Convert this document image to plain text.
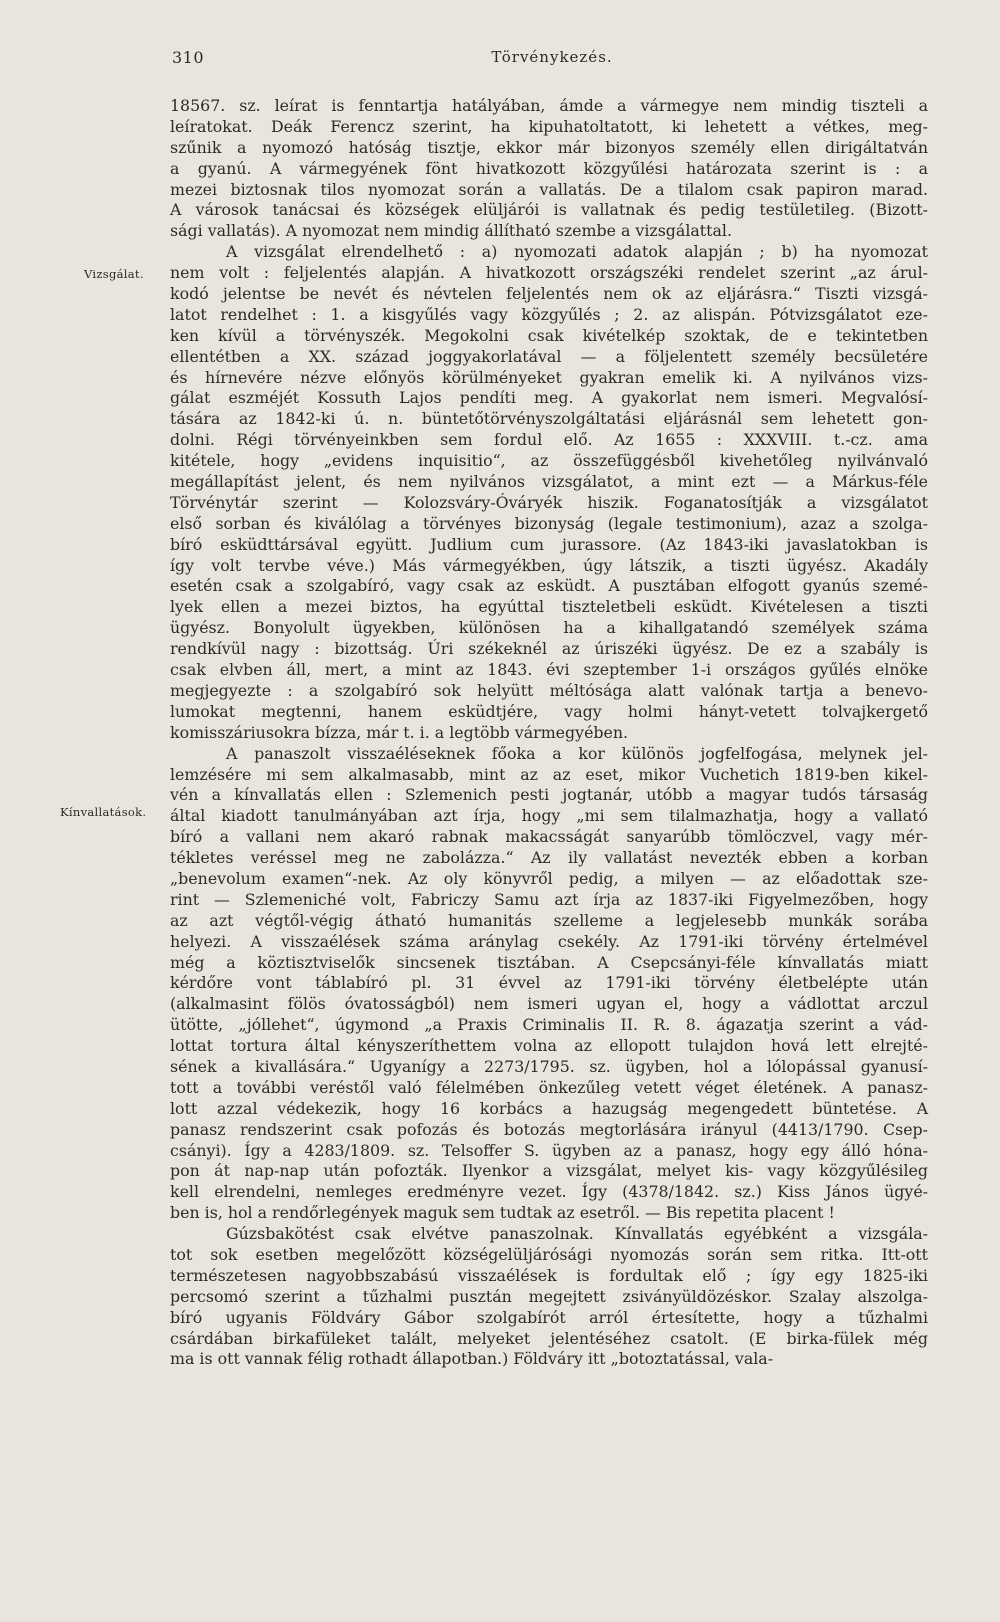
310	Törvénykezés.
Vizsgálat.
Kínvallatások.
18567. sz. leírat is fenntartja hatályában, ámde a vármegye nem mindig tiszteli a
leíratokat. Deák Ferencz szerint, ha kipuhatoltatott, ki lehetett a vétkes, meg-
szűnik a nyomozó hatóság tisztje, ekkor már bizonyos személy ellen dirigáltatván
a gyanú. A vármegyének fönt hivatkozott közgyűlési határozata szerint is : a
mezei biztosnak tilos nyomozat során a vallatás. De a tilalom csak papiron marad.
A városok tanácsai és községek elüljárói is vallatnak és pedig testületileg. (Bizott-
sági vallatás). A nyomozat nem mindig állítható szembe a vizsgálattal.
A vizsgálat elrendelhető : a) nyomozati adatok alapján ; b) ha nyomozat
nem volt : feljelentés alapján. A hivatkozott országszéki rendelet szerint „az árul-
kodó jelentse be nevét és névtelen feljelentés nem ok az eljárásra.“ Tiszti vizsgá-
latot rendelhet : 1. a kisgyűlés vagy közgyűlés ; 2. az alispán. Pótvizsgálatot eze-
ken kívül a törvényszék. Megokolni csak kivételkép szoktak, de e tekintetben
ellentétben a XX. század joggyakorlatával — a följelentett személy becsületére
és hírnevére nézve előnyös körülményeket gyakran emelik ki. A nyilvános vizs-
gálat eszméjét Kossuth Lajos pendíti meg. A gyakorlat nem ismeri. Megvalósí-
tására az 1842-ki ú. n. büntetőtörvényszolgáltatási eljárásnál sem lehetett gon-
dolni. Régi törvényeinkben sem fordul elő. Az 1655 : XXXVIII. t.-cz. ama
kitétele, hogy „evidens inquisitio“, az összefüggésből kivehetőleg nyilvánvaló
megállapítást jelent, és nem nyilvános vizsgálatot, a mint ezt — a Márkus-féle
Törvénytár szerint — Kolozsváry-Óváryék hiszik. Foganatosítják a vizsgálatot
első sorban és kiválólag a törvényes bizonyság (legale testimonium), azaz a szolga-
bíró esküdttársával együtt. Judlium cum jurassore. (Az 1843-iki javaslatokban is
így volt tervbe véve.) Más vármegyékben, úgy látszik, a tiszti ügyész. Akadály
esetén csak a szolgabíró, vagy csak az esküdt. A pusztában elfogott gyanús szemé-
lyek ellen a mezei biztos, ha egyúttal tiszteletbeli esküdt. Kivételesen a tiszti
ügyész. Bonyolult ügyekben, különösen ha a kihallgatandó személyek száma
rendkívül nagy : bizottság. Úri székeknél az úriszéki ügyész. De ez a szabály is
csak elvben áll, mert, a mint az 1843. évi szeptember 1-i országos gyűlés elnöke
megjegyezte : a szolgabíró sok helyütt méltósága alatt valónak tartja a benevo-
lumokat megtenni, hanem esküdtjére, vagy holmi hányt-vetett tolvajkergető
komisszáriusokra bízza, már t. i. a legtöbb vármegyében.
A panaszolt visszaéléseknek főoka a kor különös jogfelfogása, melynek jel-
lemzésére mi sem alkalmasabb, mint az az eset, mikor Vuchetich 1819-ben kikel-
vén a kínvallatás ellen : Szlemenich pesti jogtanár, utóbb a magyar tudós társaság
által kiadott tanulmányában azt írja, hogy „mi sem tilalmazhatja, hogy a vallató
bíró a vallani nem akaró rabnak makacsságát sanyarúbb tömlöczvel, vagy mér-
tékletes veréssel meg ne zabolázza.“ Az ily vallatást nevezték ebben a korban
„benevolum examen“-nek. Az oly könyvről pedig, a milyen — az előadottak sze-
rint — Szlemeniché volt, Fabriczy Samu azt írja az 1837-iki Figyelmezőben, hogy
az azt végtől-végig átható humanitás szelleme a legjelesebb munkák sorába
helyezi. A visszaélések száma aránylag csekély. Az 1791-iki törvény értelmével
még a köztisztviselők sincsenek tisztában. A Csepcsányi-féle kínvallatás miatt
kérdőre vont táblabíró pl. 31 évvel az 1791-iki törvény életbelépte után
(alkalmasint fölös óvatosságból) nem ismeri ugyan el, hogy a vádlottat arczul
ütötte, „jóllehet“, úgymond „a Praxis Criminalis II. R. 8. ágazatja szerint a vád-
lottat tortura által kényszeríthettem volna az ellopott tulajdon hová lett elrejté-
sének a kivallására.“ Ugyanígy a 2273/1795. sz. ügyben, hol a lólopással gyanusí-
tott a további veréstől való félelmében önkezűleg vetett véget életének. A panasz-
lott azzal védekezik, hogy 16 korbács a hazugság megengedett büntetése. A
panasz rendszerint csak pofozás és botozás megtorlására irányul (4413/1790. Csep-
csányi). Így a 4283/1809. sz. Telsoffer S. ügyben az a panasz, hogy egy álló hóna-
pon át nap-nap után pofozták. Ilyenkor a vizsgálat, melyet kis- vagy közgyűlésileg
kell elrendelni, nemleges eredményre vezet. Így (4378/1842. sz.) Kiss János ügyé-
ben is, hol a rendőrlegények maguk sem tudtak az esetről. — Bis repetita placent !
Gúzsbakötést csak elvétve panaszolnak. Kínvallatás egyébként a vizsgála-
tot sok esetben megelőzött községelüljárósági nyomozás során sem ritka. Itt-ott
természetesen nagyobbszabású visszaélések is fordultak elő ; így egy 1825-iki
percsomó szerint a tűzhalmi pusztán megejtett zsiványüldözéskor. Szalay alszolga-
bíró ugyanis Földváry Gábor szolgabírót arról értesítette, hogy a tűzhalmi
csárdában birkafüleket talált, melyeket jelentéséhez csatolt. (E birka-fülek még
ma is ott vannak félig rothadt állapotban.) Földváry itt „botoztatással, vala-
